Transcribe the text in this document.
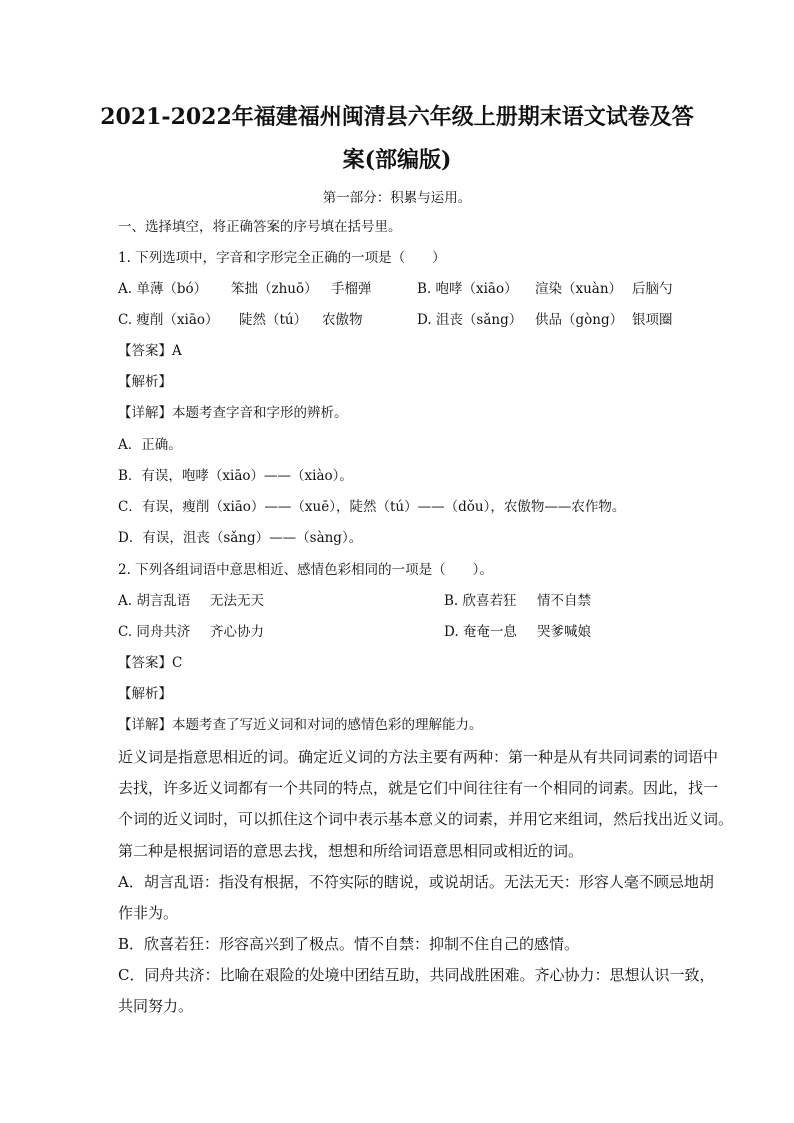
2021-2022年福建福州闽清县六年级上册期末语文试卷及答
案(部编版)
第一部分：积累与运用。
一、选择填空，将正确答案的序号填在括号里。
1. 下列选项中，字音和字形完全正确的一项是（　　）
A. 单薄（bó） 笨拙（zhuō） 手榴弹	B. 咆哮（xiāo） 渲染（xuàn） 后脑勺
C. 瘦削（xiāo） 陡然（tú） 农傲物	D. 沮丧（sǎng） 供品（gòng） 银项圈
【答案】A
【解析】
【详解】本题考查字音和字形的辨析。
A．正确。
B．有误，咆哮（xiāo）——（xiào）。
C．有误，瘦削（xiāo）——（xuē），陡然（tú）——（dǒu），农傲物——农作物。
D．有误，沮丧（sǎng）——（sàng）。
2. 下列各组词语中意思相近、感情色彩相同的一项是（　　）。
A. 胡言乱语 无法无天	B. 欣喜若狂 情不自禁
C. 同舟共济 齐心协力	D. 奄奄一息 哭爹喊娘
【答案】C
【解析】
【详解】本题考查了写近义词和对词的感情色彩的理解能力。
近义词是指意思相近的词。确定近义词的方法主要有两种：第一种是从有共同词素的词语中
去找，许多近义词都有一个共同的特点，就是它们中间往往有一个相同的词素。因此，找一
个词的近义词时，可以抓住这个词中表示基本意义的词素，并用它来组词，然后找出近义词。
第二种是根据词语的意思去找，想想和所给词语意思相同或相近的词。
A．胡言乱语：指没有根据，不符实际的瞎说，或说胡话。无法无天：形容人毫不顾忌地胡
作非为。
B．欣喜若狂：形容高兴到了极点。情不自禁：抑制不住自己的感情。
C．同舟共济：比喻在艰险的处境中团结互助，共同战胜困难。齐心协力：思想认识一致，
共同努力。
